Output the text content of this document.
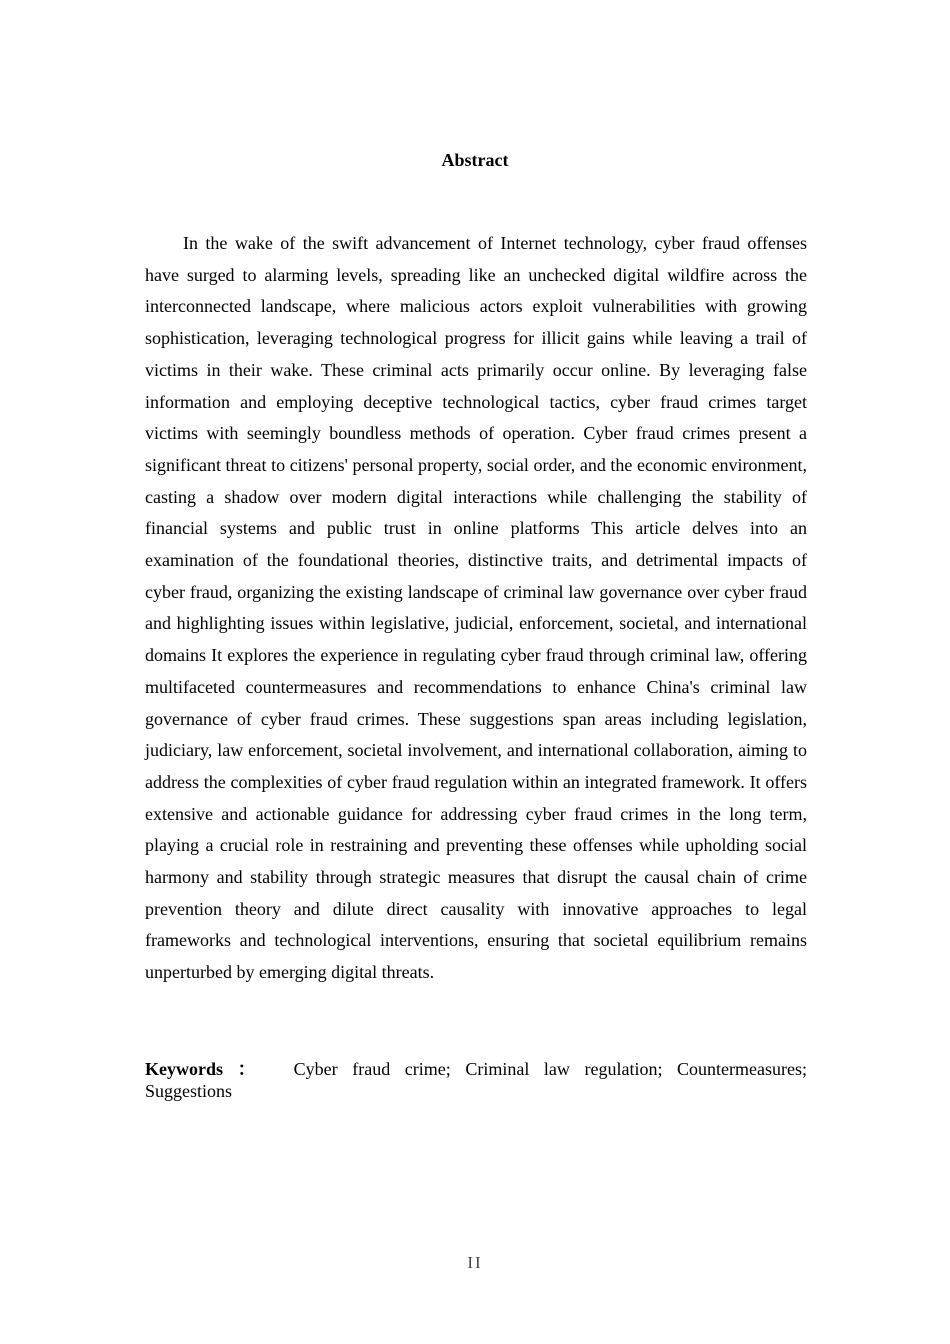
Abstract

In the wake of the swift advancement of Internet technology, cyber fraud offenses have surged to alarming levels, spreading like an unchecked digital wildfire across the interconnected landscape, where malicious actors exploit vulnerabilities with growing sophistication, leveraging technological progress for illicit gains while leaving a trail of victims in their wake. These criminal acts primarily occur online. By leveraging false information and employing deceptive technological tactics, cyber fraud crimes target victims with seemingly boundless methods of operation. Cyber fraud crimes present a significant threat to citizens' personal property, social order, and the economic environment, casting a shadow over modern digital interactions while challenging the stability of financial systems and public trust in online platforms This article delves into an examination of the foundational theories, distinctive traits, and detrimental impacts of cyber fraud, organizing the existing landscape of criminal law governance over cyber fraud and highlighting issues within legislative, judicial, enforcement, societal, and international domains It explores the experience in regulating cyber fraud through criminal law, offering multifaceted countermeasures and recommendations to enhance China's criminal law governance of cyber fraud crimes. These suggestions span areas including legislation, judiciary, law enforcement, societal involvement, and international collaboration, aiming to address the complexities of cyber fraud regulation within an integrated framework. It offers extensive and actionable guidance for addressing cyber fraud crimes in the long term, playing a crucial role in restraining and preventing these offenses while upholding social harmony and stability through strategic measures that disrupt the causal chain of crime prevention theory and dilute direct causality with innovative approaches to legal frameworks and technological interventions, ensuring that societal equilibrium remains unperturbed by emerging digital threats.

Keywords ： Cyber fraud crime; Criminal law regulation; Countermeasures; Suggestions

II
